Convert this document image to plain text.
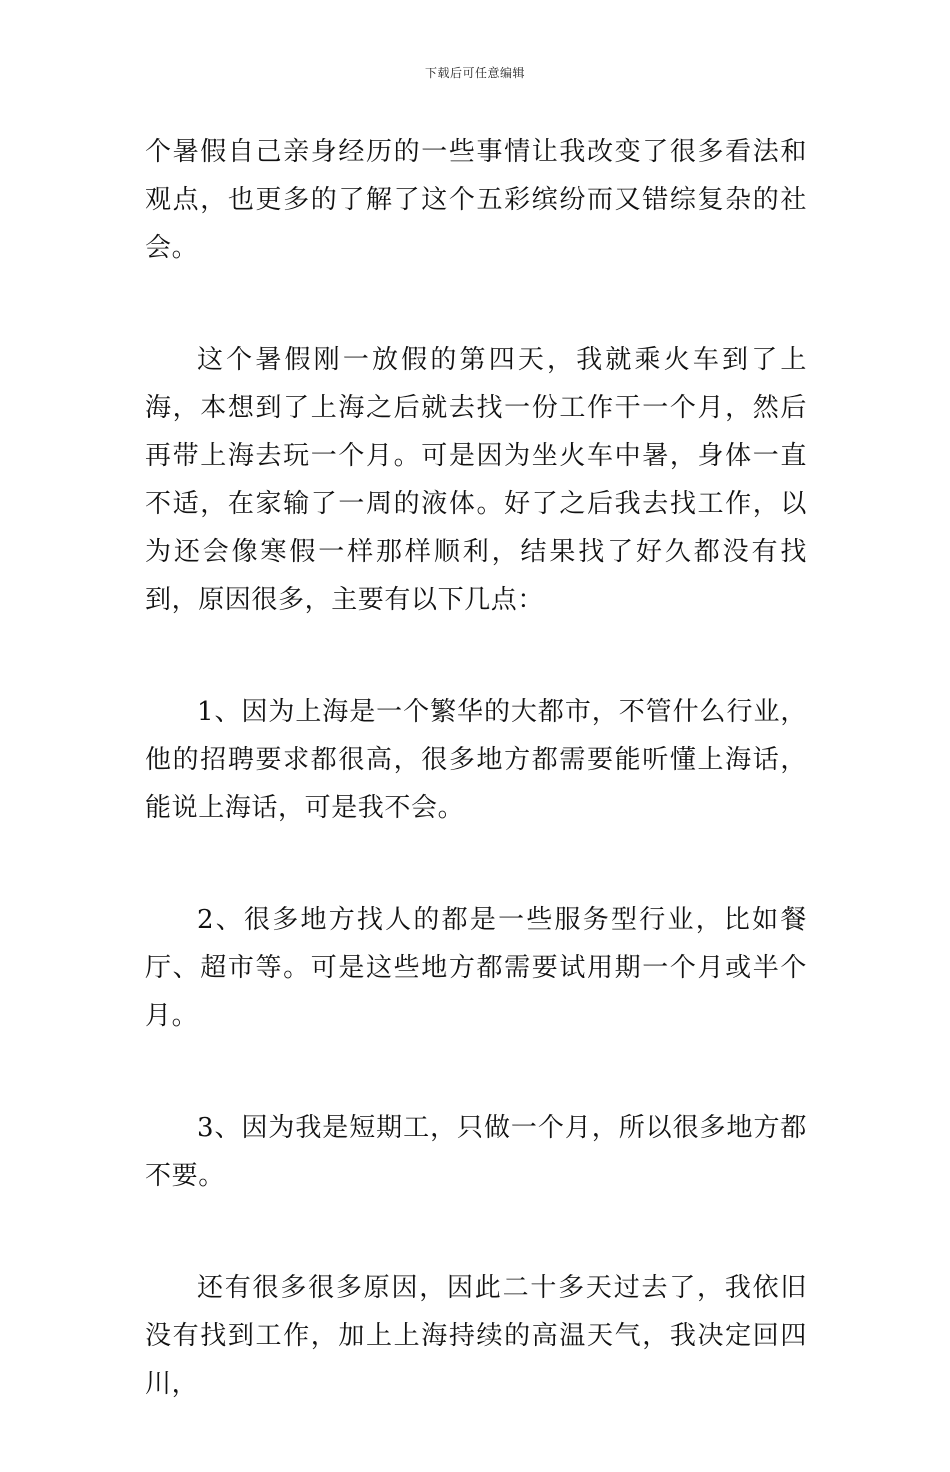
下载后可任意编辑

个暑假自己亲身经历的一些事情让我改变了很多看法和观点，也更多的了解了这个五彩缤纷而又错综复杂的社会。

这个暑假刚一放假的第四天，我就乘火车到了上海，本想到了上海之后就去找一份工作干一个月，然后再带上海去玩一个月。可是因为坐火车中暑，身体一直不适，在家输了一周的液体。好了之后我去找工作，以为还会像寒假一样那样顺利，结果找了好久都没有找到，原因很多，主要有以下几点：

1、因为上海是一个繁华的大都市，不管什么行业，他的招聘要求都很高，很多地方都需要能听懂上海话，能说上海话，可是我不会。

2、很多地方找人的都是一些服务型行业，比如餐厅、超市等。可是这些地方都需要试用期一个月或半个月。

3、因为我是短期工，只做一个月，所以很多地方都不要。

还有很多很多原因，因此二十多天过去了，我依旧没有找到工作，加上上海持续的高温天气，我决定回四川，
